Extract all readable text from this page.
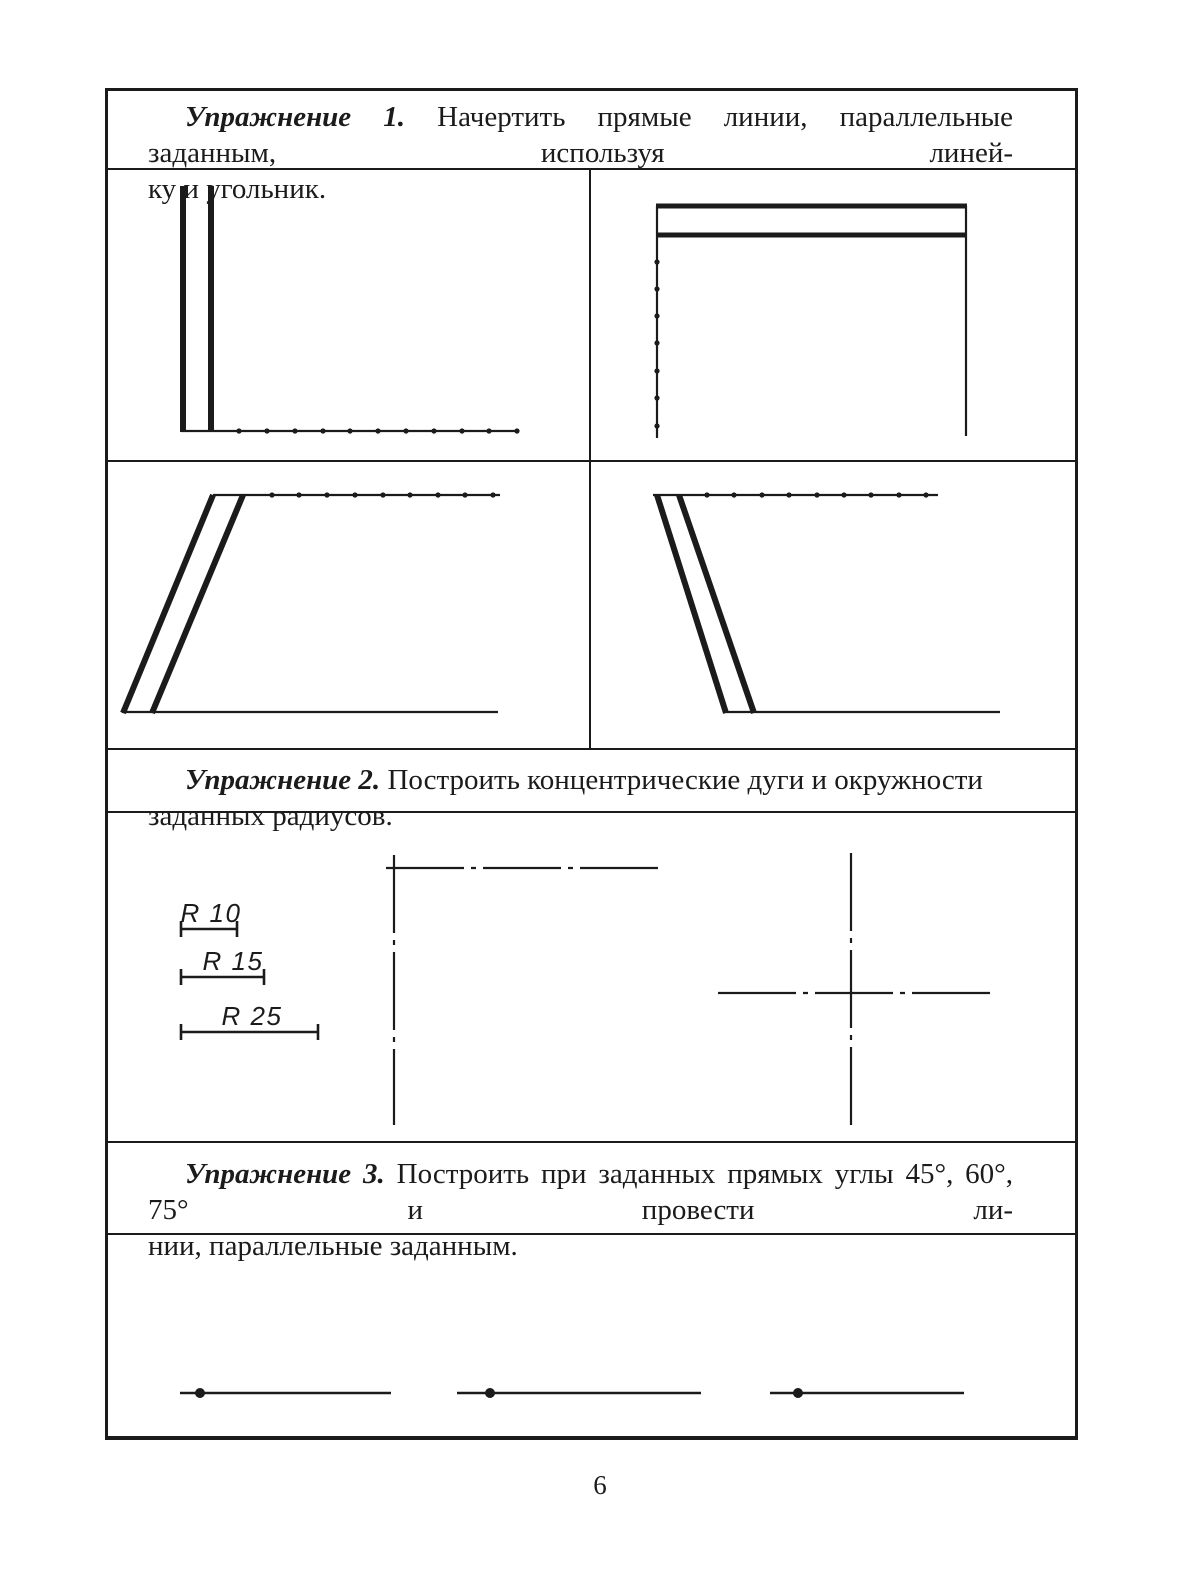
Упражнение 1. Начертить прямые линии, параллельные заданным, используя линей-
ку и угольник.
Упражнение 2. Построить концентрические дуги и окружности заданных радиусов.
Упражнение 3. Построить при заданных прямых углы 45°, 60°, 75° и провести ли-
нии, параллельные заданным.
R 10
R 15
R 25
6
